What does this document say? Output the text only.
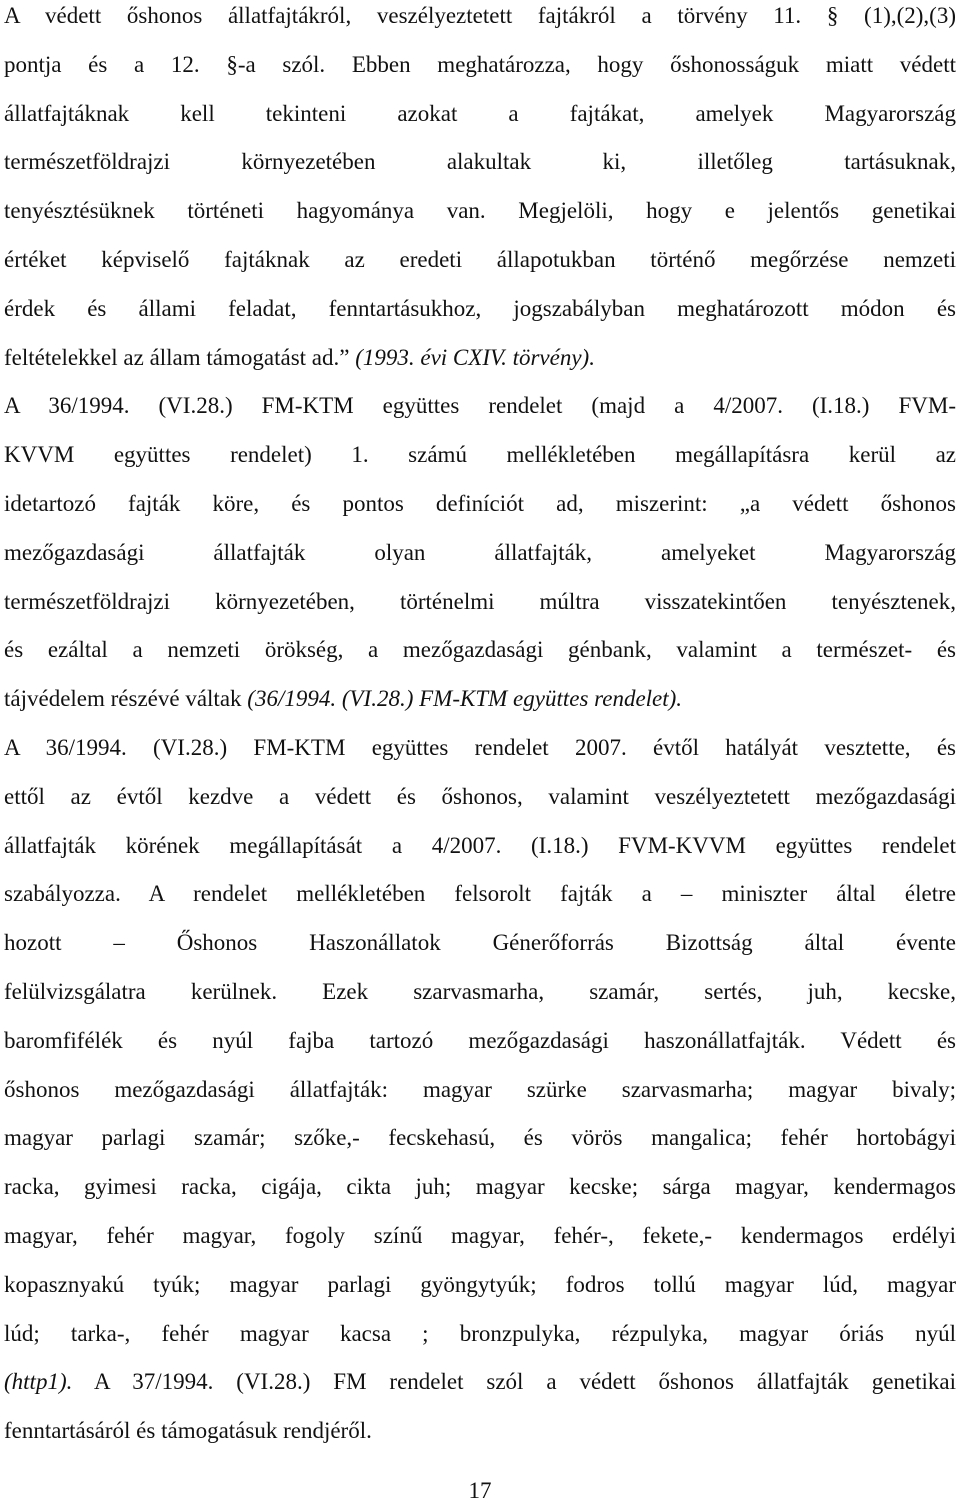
A védett őshonos állatfajtákról, veszélyeztetett fajtákról a törvény 11. § (1),(2),(3)
pontja és a 12. §-a szól. Ebben meghatározza, hogy őshonosságuk miatt védett
állatfajtáknak kell tekinteni azokat a fajtákat, amelyek Magyarország
természetföldrajzi környezetében alakultak ki, illetőleg tartásuknak,
tenyésztésüknek történeti hagyománya van. Megjelöli, hogy e jelentős genetikai
értéket képviselő fajtáknak az eredeti állapotukban történő megőrzése nemzeti
érdek és állami feladat, fenntartásukhoz, jogszabályban meghatározott módon és
feltételekkel az állam támogatást ad.” (1993. évi CXIV. törvény).
A 36/1994. (VI.28.) FM-KTM együttes rendelet (majd a 4/2007. (I.18.) FVM-
KVVM együttes rendelet) 1. számú mellékletében megállapításra kerül az
idetartozó fajták köre, és pontos definíciót ad, miszerint: „a védett őshonos
mezőgazdasági állatfajták olyan állatfajták, amelyeket Magyarország
természetföldrajzi környezetében, történelmi múltra visszatekintően tenyésztenek,
és ezáltal a nemzeti örökség, a mezőgazdasági génbank, valamint a természet- és
tájvédelem részévé váltak (36/1994. (VI.28.) FM-KTM együttes rendelet).
A 36/1994. (VI.28.) FM-KTM együttes rendelet 2007. évtől hatályát vesztette, és
ettől az évtől kezdve a védett és őshonos, valamint veszélyeztetett mezőgazdasági
állatfajták körének megállapítását a 4/2007. (I.18.) FVM-KVVM együttes rendelet
szabályozza. A rendelet mellékletében felsorolt fajták a – miniszter által életre
hozott – Őshonos Haszonállatok Génerőforrás Bizottság által évente
felülvizsgálatra kerülnek. Ezek szarvasmarha, szamár, sertés, juh, kecske,
baromfifélék és nyúl fajba tartozó mezőgazdasági haszonállatfajták. Védett és
őshonos mezőgazdasági állatfajták: magyar szürke szarvasmarha; magyar bivaly;
magyar parlagi szamár; szőke,- fecskehasú, és vörös mangalica; fehér hortobágyi
racka, gyimesi racka, cigája, cikta juh; magyar kecske; sárga magyar, kendermagos
magyar, fehér magyar, fogoly színű magyar, fehér-, fekete,- kendermagos erdélyi
kopasznyakú tyúk; magyar parlagi gyöngytyúk; fodros tollú magyar lúd, magyar
lúd; tarka-, fehér magyar kacsa ; bronzpulyka, rézpulyka, magyar óriás nyúl
(http1). A 37/1994. (VI.28.) FM rendelet szól a védett őshonos állatfajták genetikai
fenntartásáról és támogatásuk rendjéről.
17
